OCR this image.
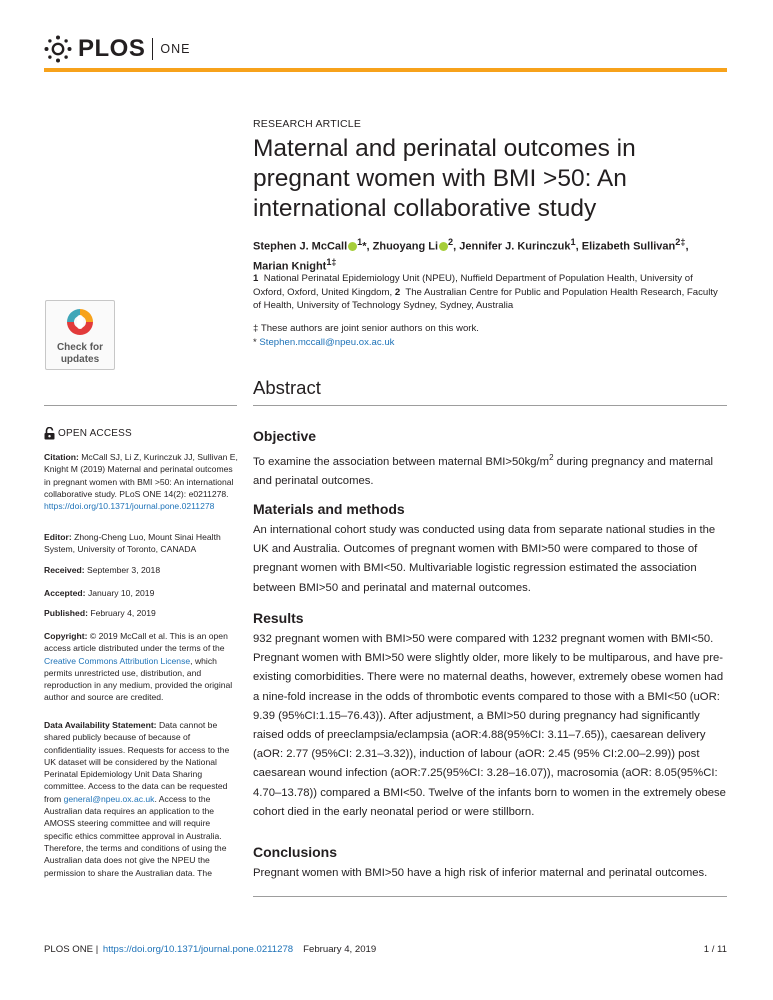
PLOS ONE
RESEARCH ARTICLE
Maternal and perinatal outcomes in pregnant women with BMI >50: An international collaborative study
Stephen J. McCall $^1$*, Zhuoyang Li $^2$, Jennifer J. Kurinczuk$^1$, Elizabeth Sullivan$^{2\ddagger}$,
Marian Knight$^{1\ddagger}$
1 National Perinatal Epidemiology Unit (NPEU), Nuffield Department of Population Health, University of Oxford, Oxford, United Kingdom, 2 The Australian Centre for Public and Population Health Research, Faculty of Health, University of Technology Sydney, Sydney, Australia
‡ These authors are joint senior authors on this work.
* Stephen.mccall@npeu.ox.ac.uk
Check for
updates
Abstract
OPEN ACCESS
Citation: McCall SJ, Li Z, Kurinczuk JJ, Sullivan E, Knight M (2019) Maternal and perinatal outcomes in pregnant women with BMI >50: An international collaborative study. PLoS ONE 14(2): e0211278. https://doi.org/10.1371/journal.pone.0211278
Editor: Zhong-Cheng Luo, Mount Sinai Health System, University of Toronto, CANADA
Received: September 3, 2018
Accepted: January 10, 2019
Published: February 4, 2019
Copyright: © 2019 McCall et al. This is an open access article distributed under the terms of the Creative Commons Attribution License, which permits unrestricted use, distribution, and reproduction in any medium, provided the original author and source are credited.
Data Availability Statement: Data cannot be shared publicly because of because of confidentiality issues. Requests for access to the UK dataset will be considered by the National Perinatal Epidemiology Unit Data Sharing committee. Access to the data can be requested from general@npeu.ox.ac.uk. Access to the Australian data requires an application to the AMOSS steering committee and will require specific ethics committee approval in Australia. Therefore, the terms and conditions of using the Australian data does not give the NPEU the permission to share the Australian data. The
Objective
To examine the association between maternal $BMI>50kg/m^2$ during pregnancy and maternal and perinatal outcomes.
Materials and methods
An international cohort study was conducted using data from separate national studies in the UK and Australia. Outcomes of pregnant women with BMI>50 were compared to those of pregnant women with BMI<50. Multivariable logistic regression estimated the association between BMI>50 and perinatal and maternal outcomes.
Results
932 pregnant women with BMI>50 were compared with 1232 pregnant women with BMI<50. Pregnant women with BMI>50 were slightly older, more likely to be multiparous, and have pre-existing comorbidities. There were no maternal deaths, however, extremely obese women had a nine-fold increase in the odds of thrombotic events compared to those with a BMI<50 (uOR: 9.39 (95%CI:1.15–76.43)). After adjustment, a BMI>50 during pregnancy had significantly raised odds of preeclampsia/eclampsia (aOR:4.88(95%CI: 3.11–7.65)), caesarean delivery (aOR: 2.77 (95%CI: 2.31–3.32)), induction of labour (aOR: 2.45 (95% CI:2.00–2.99)) post caesarean wound infection (aOR:7.25(95%CI: 3.28–16.07)), macrosomia (aOR: 8.05(95%CI: 4.70–13.78)) compared a BMI<50. Twelve of the infants born to women in the extremely obese cohort died in the early neonatal period or were stillborn.
Conclusions
Pregnant women with BMI>50 have a high risk of inferior maternal and perinatal outcomes.
PLOS ONE | https://doi.org/10.1371/journal.pone.0211278 February 4, 2019	1 / 11
